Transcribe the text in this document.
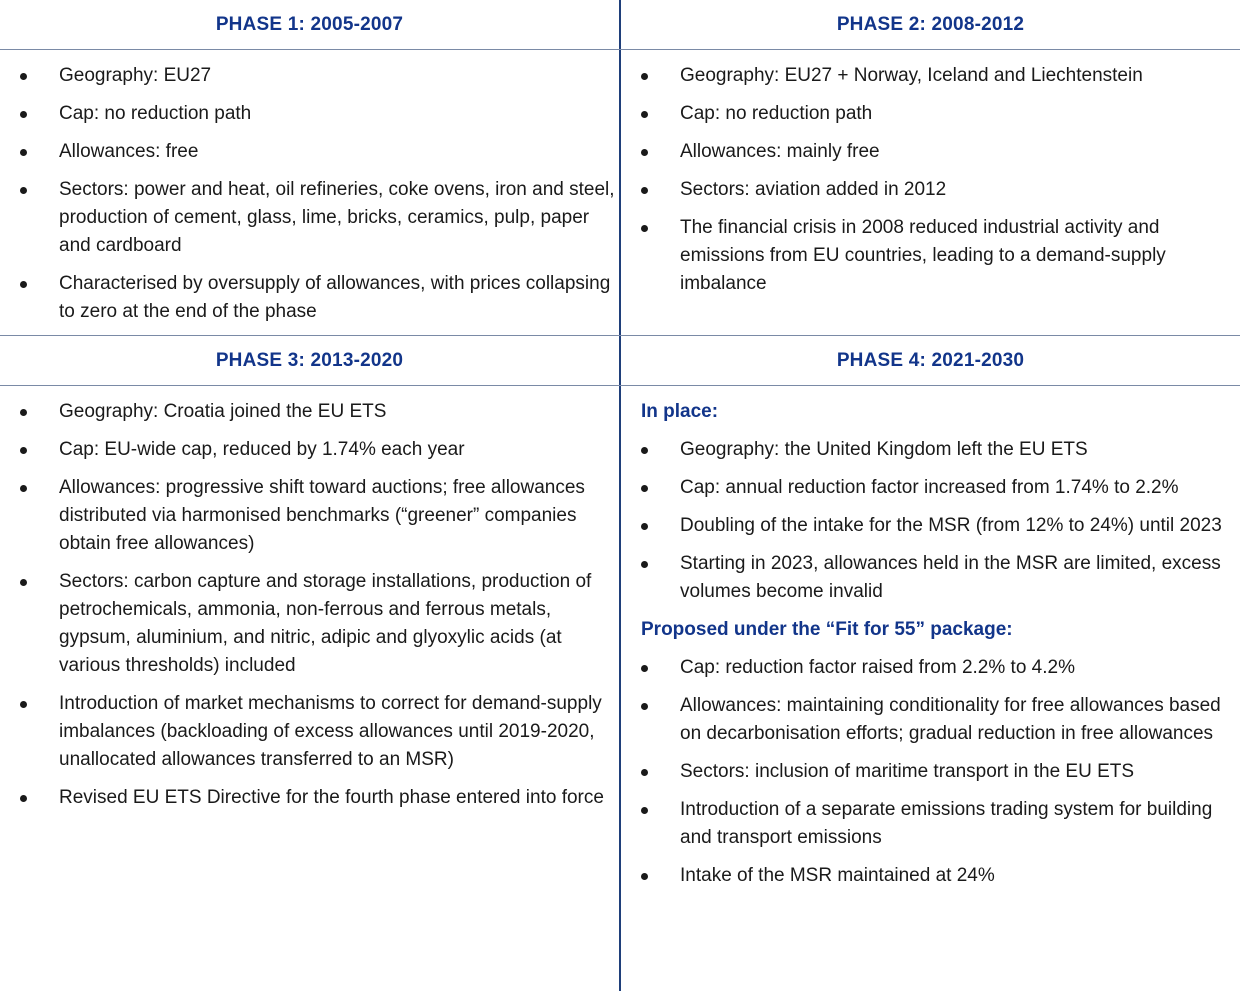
PHASE 1: 2005-2007
Geography: EU27
Cap: no reduction path
Allowances: free
Sectors: power and heat, oil refineries, coke ovens, iron and steel, production of cement, glass, lime, bricks, ceramics, pulp, paper and cardboard
Characterised by oversupply of allowances, with prices collapsing to zero at the end of the phase
PHASE 2: 2008-2012
Geography: EU27 + Norway, Iceland and Liechtenstein
Cap: no reduction path
Allowances: mainly free
Sectors: aviation added in 2012
The financial crisis in 2008 reduced industrial activity and emissions from EU countries, leading to a demand-supply imbalance
PHASE 3: 2013-2020
Geography: Croatia joined the EU ETS
Cap: EU-wide cap, reduced by 1.74% each year
Allowances: progressive shift toward auctions; free allowances distributed via harmonised benchmarks (“greener” companies obtain free allowances)
Sectors: carbon capture and storage installations, production of petrochemicals, ammonia, non-ferrous and ferrous metals, gypsum, aluminium, and nitric, adipic and glyoxylic acids (at various thresholds) included
Introduction of market mechanisms to correct for demand-supply imbalances (backloading of excess allowances until 2019-2020, unallocated allowances transferred to an MSR)
Revised EU ETS Directive for the fourth phase entered into force
PHASE 4: 2021-2030
In place:
Geography: the United Kingdom left the EU ETS
Cap: annual reduction factor increased from 1.74% to 2.2%
Doubling of the intake for the MSR (from 12% to 24%) until 2023
Starting in 2023, allowances held in the MSR are limited, excess volumes become invalid
Proposed under the “Fit for 55” package:
Cap: reduction factor raised from 2.2% to 4.2%
Allowances: maintaining conditionality for free allowances based on decarbonisation efforts; gradual reduction in free allowances
Sectors: inclusion of maritime transport in the EU ETS
Introduction of a separate emissions trading system for building and transport emissions
Intake of the MSR maintained at 24%
